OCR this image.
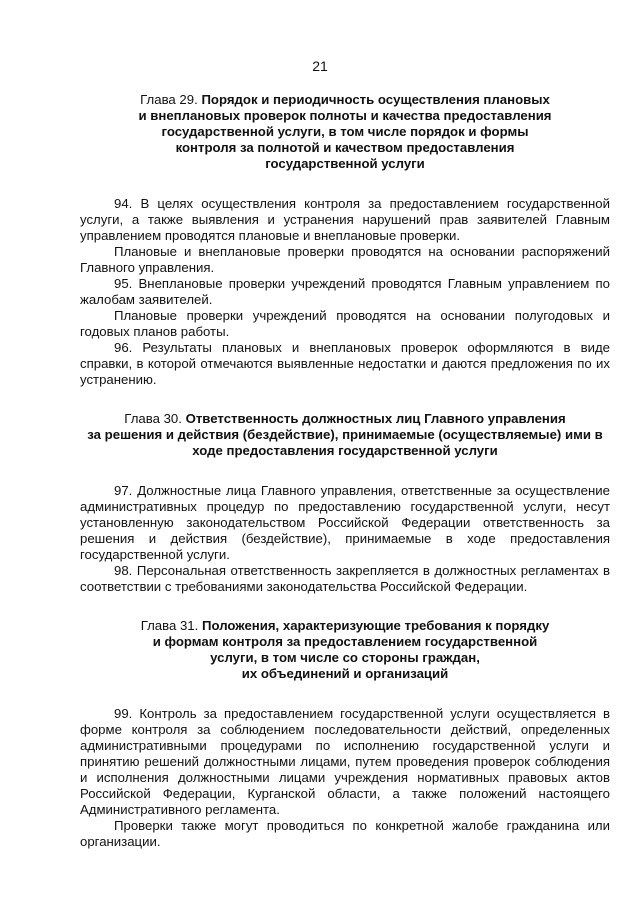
21
Глава 29. Порядок и периодичность осуществления плановых
и внеплановых проверок полноты и качества предоставления
государственной услуги, в том числе порядок и формы
контроля за полнотой и качеством предоставления
государственной услуги

94. В целях осуществления контроля за предоставлением государственной услуги, а также выявления и устранения нарушений прав заявителей Главным управлением проводятся плановые и внеплановые проверки.

Плановые и внеплановые проверки проводятся на основании распоряжений Главного управления.

95. Внеплановые проверки учреждений проводятся Главным управлением по жалобам заявителей.

Плановые проверки учреждений проводятся на основании полугодовых и годовых планов работы.

96. Результаты плановых и внеплановых проверок оформляются в виде справки, в которой отмечаются выявленные недостатки и даются предложения по их устранению.

Глава 30. Ответственность должностных лиц Главного управления
за решения и действия (бездействие), принимаемые (осуществляемые) ими в
ходе предоставления государственной услуги

97. Должностные лица Главного управления, ответственные за осуществление административных процедур по предоставлению государственной услуги, несут установленную законодательством Российской Федерации ответственность за решения и действия (бездействие), принимаемые в ходе предоставления государственной услуги.

98. Персональная ответственность закрепляется в должностных регламентах в соответствии с требованиями законодательства Российской Федерации.

Глава 31. Положения, характеризующие требования к порядку
и формам контроля за предоставлением государственной
услуги, в том числе со стороны граждан,
их объединений и организаций

99. Контроль за предоставлением государственной услуги осуществляется в форме контроля за соблюдением последовательности действий, определенных административными процедурами по исполнению государственной услуги и принятию решений должностными лицами, путем проведения проверок соблюдения и исполнения должностными лицами учреждения нормативных правовых актов Российской Федерации, Курганской области, а также положений настоящего Административного регламента.

Проверки также могут проводиться по конкретной жалобе гражданина или организации.
